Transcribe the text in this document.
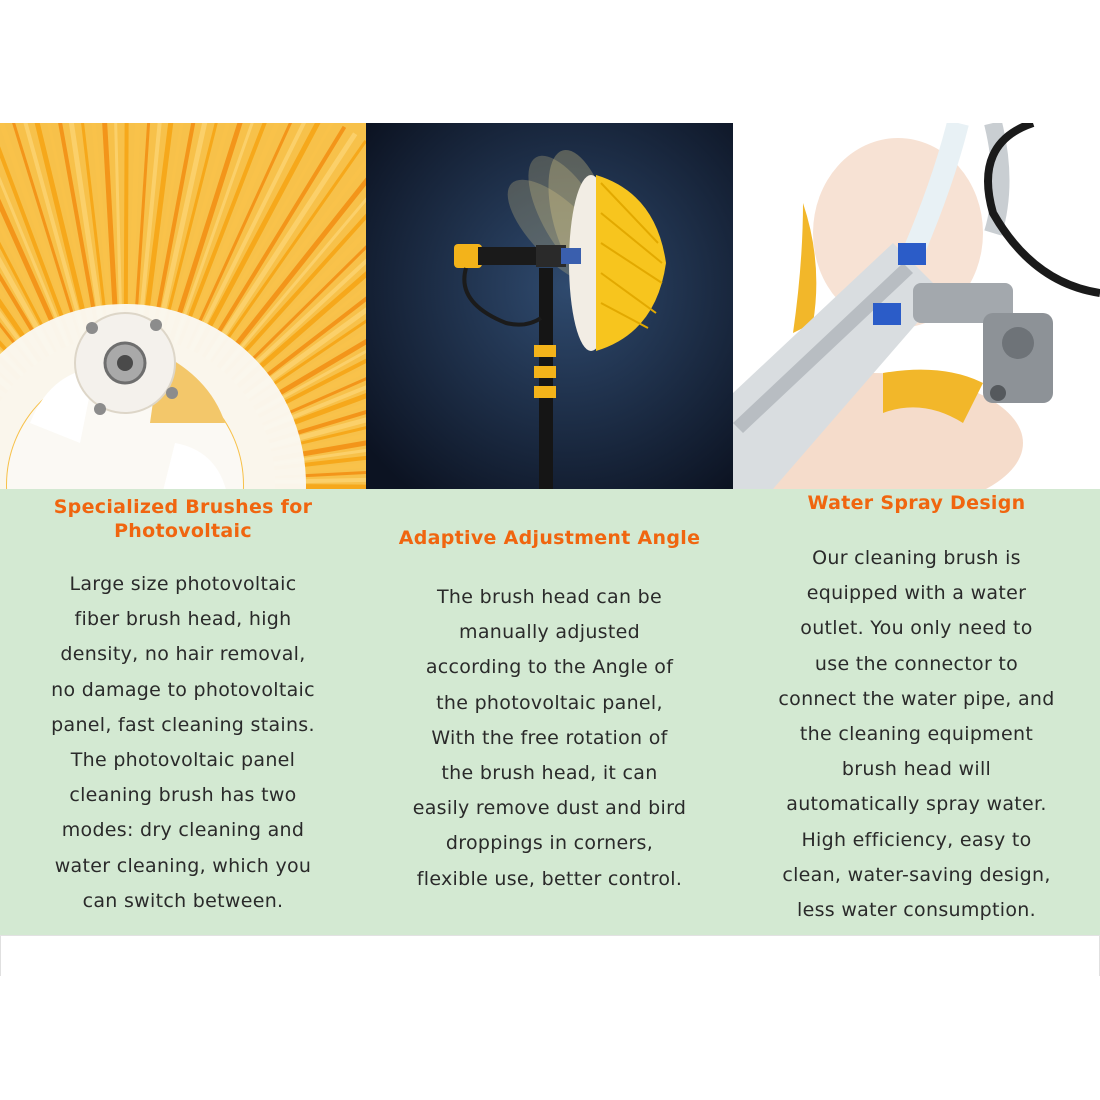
Specialized Brushes for Photovoltaic
Large size photovoltaic
fiber brush head, high
density, no hair removal,
no damage to photovoltaic
panel, fast cleaning stains.
The photovoltaic panel
cleaning brush has two
modes: dry cleaning and
water cleaning, which you
can switch between.
Adaptive Adjustment Angle
The brush head can be
manually adjusted
according to the Angle of
the photovoltaic panel,
With the free rotation of
the brush head, it can
easily remove dust and bird
droppings in corners,
flexible use, better control.
Water Spray Design
Our cleaning brush is
equipped with a water
outlet. You only need to
use the connector to
connect the water pipe, and
the cleaning equipment
brush head will
automatically spray water.
High efficiency, easy to
clean, water-saving design,
less water consumption.
